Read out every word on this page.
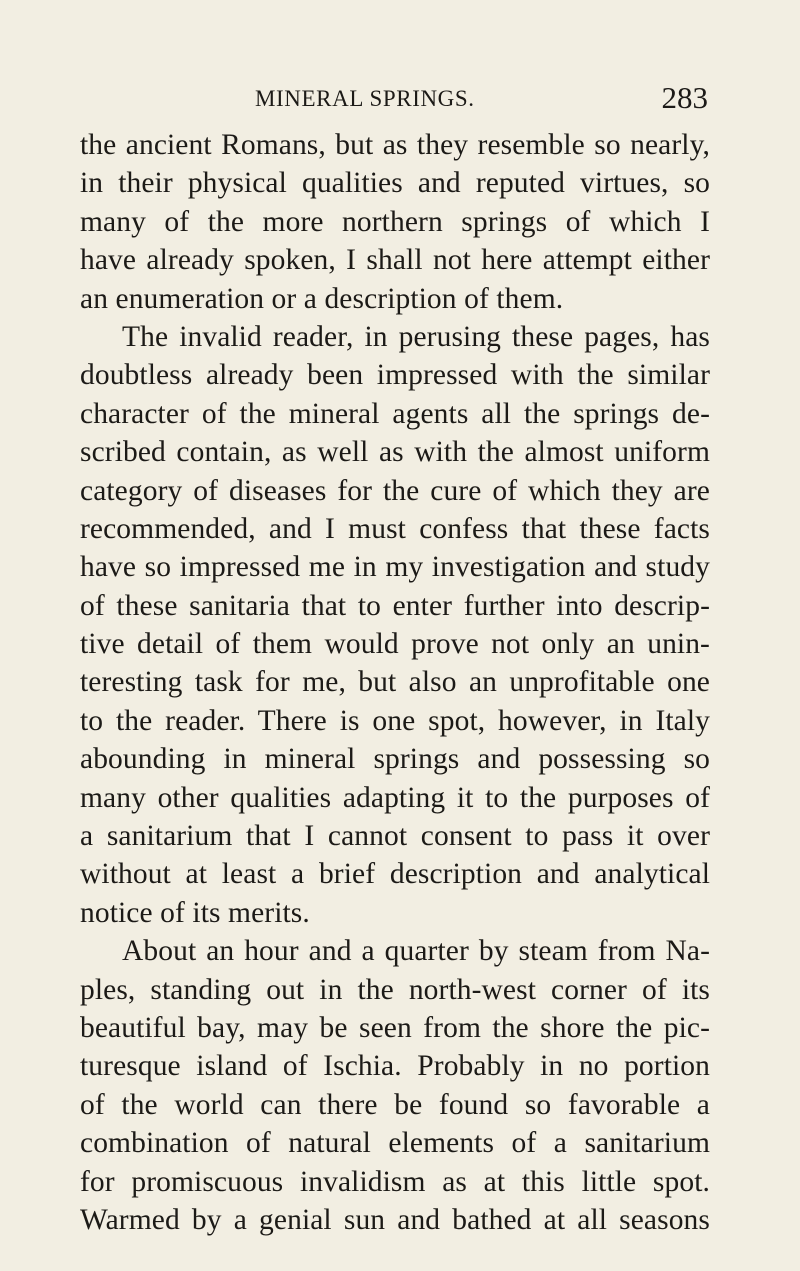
MINERAL SPRINGS.	283
the ancient Romans, but as they resemble so nearly,
in their physical qualities and reputed virtues, so
many of the more northern springs of which I
have already spoken, I shall not here attempt either
an enumeration or a description of them.
The invalid reader, in perusing these pages, has
doubtless already been impressed with the similar
character of the mineral agents all the springs de-
scribed contain, as well as with the almost uniform
category of diseases for the cure of which they are
recommended, and I must confess that these facts
have so impressed me in my investigation and study
of these sanitaria that to enter further into descrip-
tive detail of them would prove not only an unin-
teresting task for me, but also an unprofitable one
to the reader. There is one spot, however, in Italy
abounding in mineral springs and possessing so
many other qualities adapting it to the purposes of
a sanitarium that I cannot consent to pass it over
without at least a brief description and analytical
notice of its merits.
About an hour and a quarter by steam from Na-
ples, standing out in the north-west corner of its
beautiful bay, may be seen from the shore the pic-
turesque island of Ischia. Probably in no portion
of the world can there be found so favorable a
combination of natural elements of a sanitarium
for promiscuous invalidism as at this little spot.
Warmed by a genial sun and bathed at all seasons
